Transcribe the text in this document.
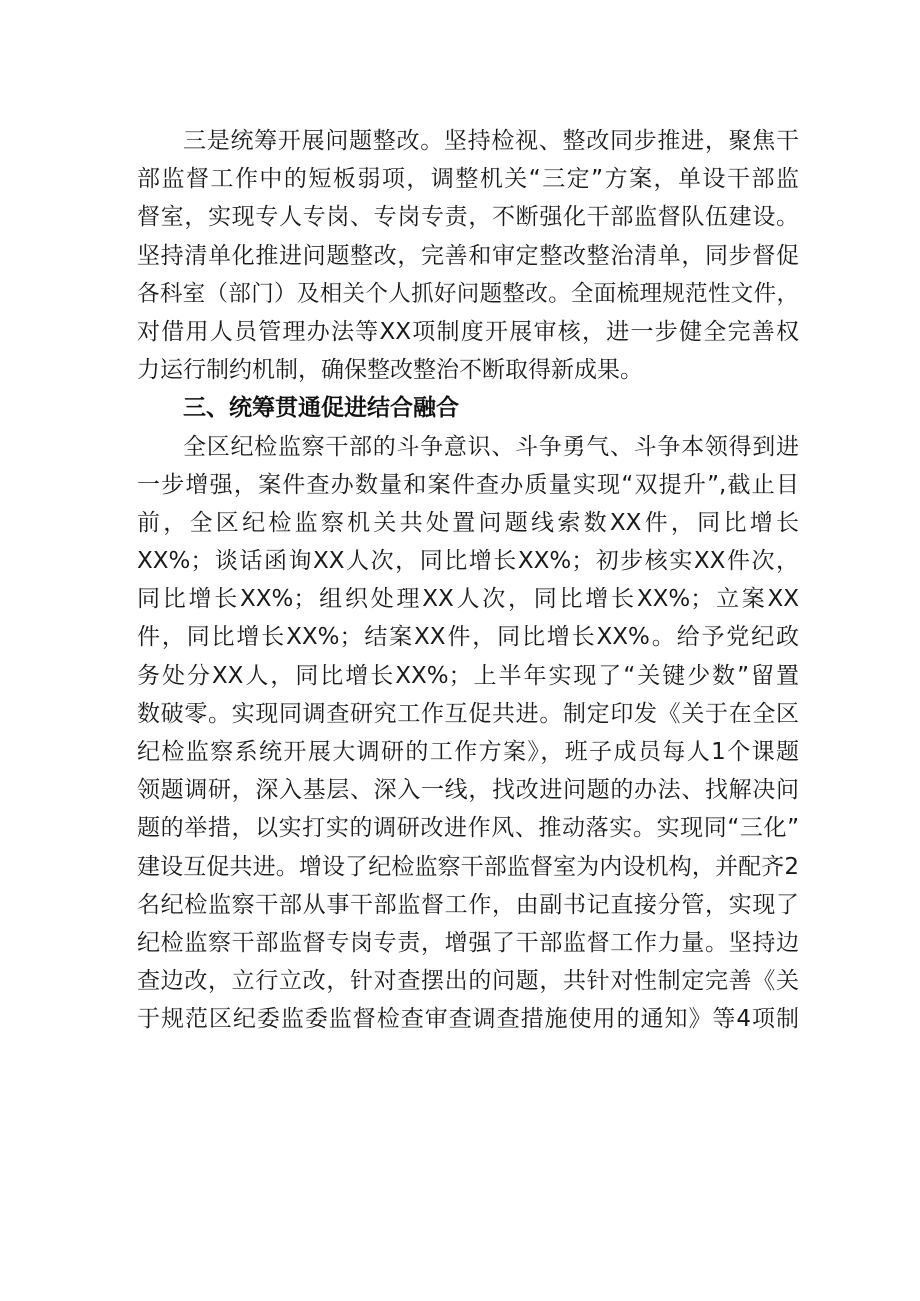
三是统筹开展问题整改。坚持检视、整改同步推进，聚焦干
部监督工作中的短板弱项，调整机关“三定”方案，单设干部监
督室，实现专人专岗、专岗专责，不断强化干部监督队伍建设。
坚持清单化推进问题整改，完善和审定整改整治清单，同步督促
各科室（部门）及相关个人抓好问题整改。全面梳理规范性文件，
对借用人员管理办法等XX项制度开展审核，进一步健全完善权
力运行制约机制，确保整改整治不断取得新成果。
三、统筹贯通促进结合融合
全区纪检监察干部的斗争意识、斗争勇气、斗争本领得到进
一步增强，案件查办数量和案件查办质量实现“双提升”,截止目
前，全区纪检监察机关共处置问题线索数XX件，同比增长
XX%；谈话函询XX人次，同比增长XX%；初步核实XX件次，
同比增长XX%；组织处理XX人次，同比增长XX%；立案XX
件，同比增长XX%；结案XX件，同比增长XX%。给予党纪政
务处分XX人，同比增长XX%；上半年实现了“关键少数”留置
数破零。实现同调查研究工作互促共进。制定印发《关于在全区
纪检监察系统开展大调研的工作方案》，班子成员每人1个课题
领题调研，深入基层、深入一线，找改进问题的办法、找解决问
题的举措，以实打实的调研改进作风、推动落实。实现同“三化”
建设互促共进。增设了纪检监察干部监督室为内设机构，并配齐2
名纪检监察干部从事干部监督工作，由副书记直接分管，实现了
纪检监察干部监督专岗专责，增强了干部监督工作力量。坚持边
查边改，立行立改，针对查摆出的问题，共针对性制定完善《关
于规范区纪委监委监督检查审查调查措施使用的通知》等4项制
